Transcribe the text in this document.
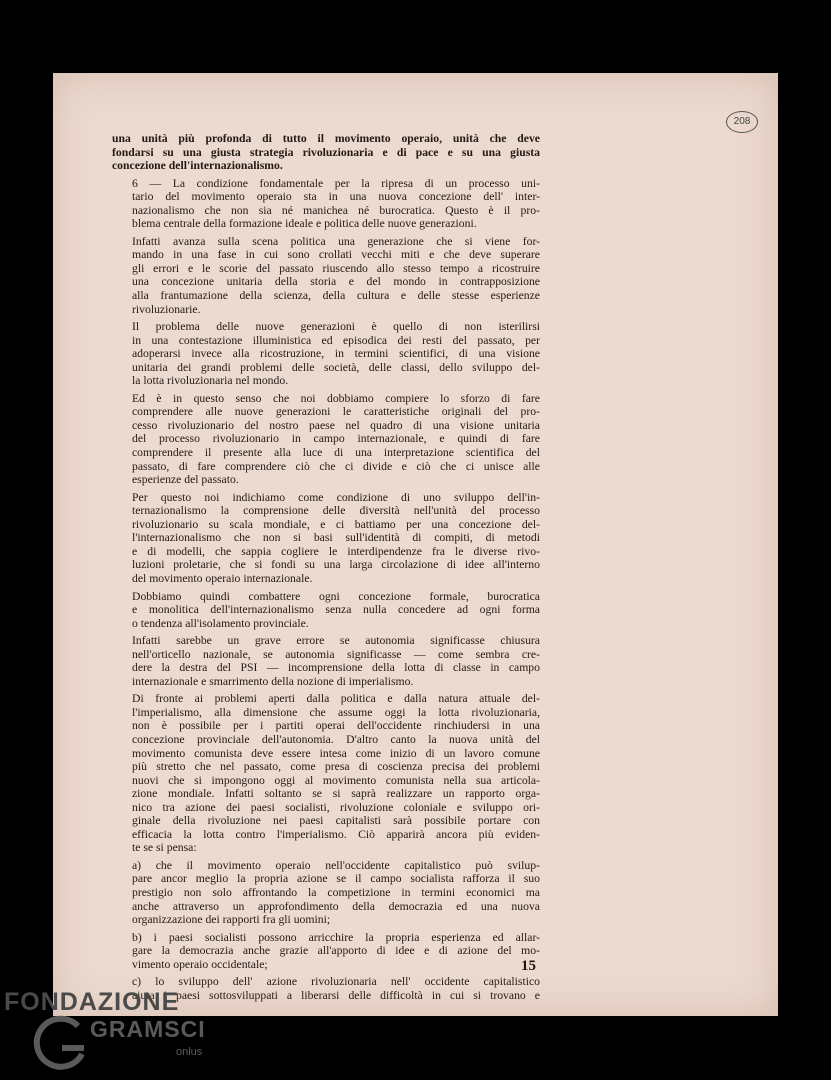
208

una unità più profonda di tutto il movimento operaio, unità che deve
fondarsi su una giusta strategia rivoluzionaria e di pace e su una giusta
concezione dell'internazionalismo.

6 — La condizione fondamentale per la ripresa di un processo uni-
tario del movimento operaio sta in una nuova concezione dell' inter-
nazionalismo che non sia né manichea né burocratica. Questo è il pro-
blema centrale della formazione ideale e politica delle nuove generazioni.

Infatti avanza sulla scena politica una generazione che si viene for-
mando in una fase in cui sono crollati vecchi miti e che deve superare
gli errori e le scorie del passato riuscendo allo stesso tempo a ricostruire
una concezione unitaria della storia e del mondo in contrapposizione
alla frantumazione della scienza, della cultura e delle stesse esperienze
rivoluzionarie.

Il problema delle nuove generazioni è quello di non isterilirsi
in una contestazione illuministica ed episodica dei resti del passato, per
adoperarsi invece alla ricostruzione, in termini scientifici, di una visione
unitaria dei grandi problemi delle società, delle classi, dello sviluppo del-
la lotta rivoluzionaria nel mondo.

Ed è in questo senso che noi dobbiamo compiere lo sforzo di fare
comprendere alle nuove generazioni le caratteristiche originali del pro-
cesso rivoluzionario del nostro paese nel quadro di una visione unitaria
del processo rivoluzionario in campo internazionale, e quindi di fare
comprendere il presente alla luce di una interpretazione scientifica del
passato, di fare comprendere ciò che ci divide e ciò che ci unisce alle
esperienze del passato.

Per questo noi indichiamo come condizione di uno sviluppo dell'in-
ternazionalismo la comprensione delle diversità nell'unità del processo
rivoluzionario su scala mondiale, e ci battiamo per una concezione del-
l'internazionalismo che non si basi sull'identità di compiti, di metodi
e di modelli, che sappia cogliere le interdipendenze fra le diverse rivo-
luzioni proletarie, che si fondi su una larga circolazione di idee all'interno
del movimento operaio internazionale.

Dobbiamo quindi combattere ogni concezione formale, burocratica
e monolitica dell'internazionalismo senza nulla concedere ad ogni forma
o tendenza all'isolamento provinciale.

Infatti sarebbe un grave errore se autonomia significasse chiusura
nell'orticello nazionale, se autonomia significasse — come sembra cre-
dere la destra del PSI — incomprensione della lotta di classe in campo
internazionale e smarrimento della nozione di imperialismo.

Di fronte ai problemi aperti dalla politica e dalla natura attuale del-
l'imperialismo, alla dimensione che assume oggi la lotta rivoluzionaria,
non è possibile per i partiti operai dell'occidente rinchiudersi in una
concezione provinciale dell'autonomia. D'altro canto la nuova unità del
movimento comunista deve essere intesa come inizio di un lavoro comune
più stretto che nel passato, come presa di coscienza precisa dei problemi
nuovi che si impongono oggi al movimento comunista nella sua articola-
zione mondiale. Infatti soltanto se si saprà realizzare un rapporto orga-
nico tra azione dei paesi socialisti, rivoluzione coloniale e sviluppo ori-
ginale della rivoluzione nei paesi capitalisti sarà possibile portare con
efficacia la lotta contro l'imperialismo. Ciò apparirà ancora più eviden-
te se si pensa:

a) che il movimento operaio nell'occidente capitalistico può svilup-
pare ancor meglio la propria azione se il campo socialista rafforza il suo
prestigio non solo affrontando la competizione in termini economici ma
anche attraverso un approfondimento della democrazia ed una nuova
organizzazione dei rapporti fra gli uomini;

b) i paesi socialisti possono arricchire la propria esperienza ed allar-
gare la democrazia anche grazie all'apporto di idee e di azione del mo-
vimento operaio occidentale;

c) lo sviluppo dell' azione rivoluzionaria nell' occidente capitalistico
aiuta i paesi sottosviluppati a liberarsi delle difficoltà in cui si trovano e

15
FONDAZIONE
GRAMSCI
onlus
